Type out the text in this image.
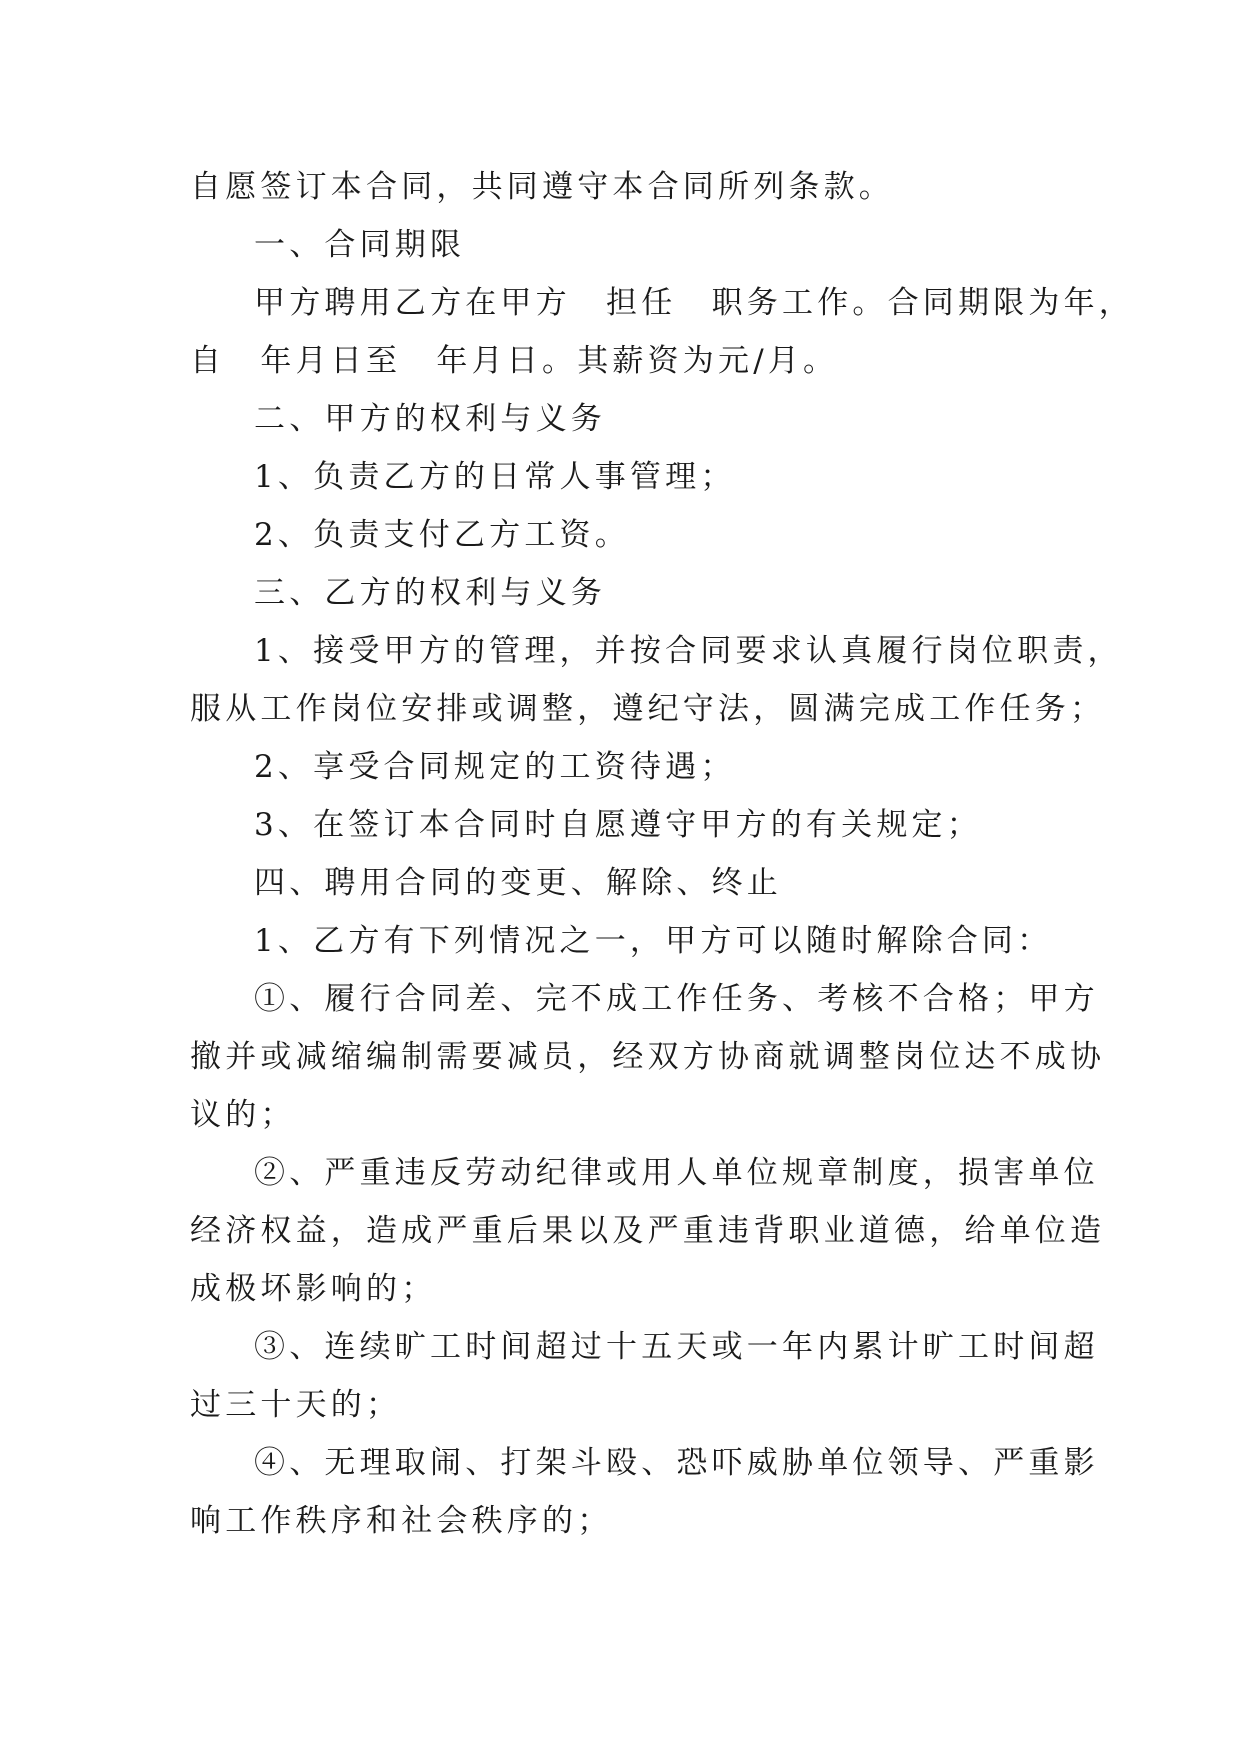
自愿签订本合同，共同遵守本合同所列条款。

一、合同期限

甲方聘用乙方在甲方　担任　职务工作。合同期限为年，

自　年月日至　年月日。其薪资为元/月。

二、甲方的权利与义务

1、负责乙方的日常人事管理；

2、负责支付乙方工资。

三、乙方的权利与义务

1、接受甲方的管理，并按合同要求认真履行岗位职责，

服从工作岗位安排或调整，遵纪守法，圆满完成工作任务；

2、享受合同规定的工资待遇；

3、在签订本合同时自愿遵守甲方的有关规定；

四、聘用合同的变更、解除、终止

1、乙方有下列情况之一，甲方可以随时解除合同：

①、履行合同差、完不成工作任务、考核不合格；甲方

撤并或减缩编制需要减员，经双方协商就调整岗位达不成协

议的；

②、严重违反劳动纪律或用人单位规章制度，损害单位

经济权益，造成严重后果以及严重违背职业道德，给单位造

成极坏影响的；

③、连续旷工时间超过十五天或一年内累计旷工时间超

过三十天的；

④、无理取闹、打架斗殴、恐吓威胁单位领导、严重影

响工作秩序和社会秩序的；
